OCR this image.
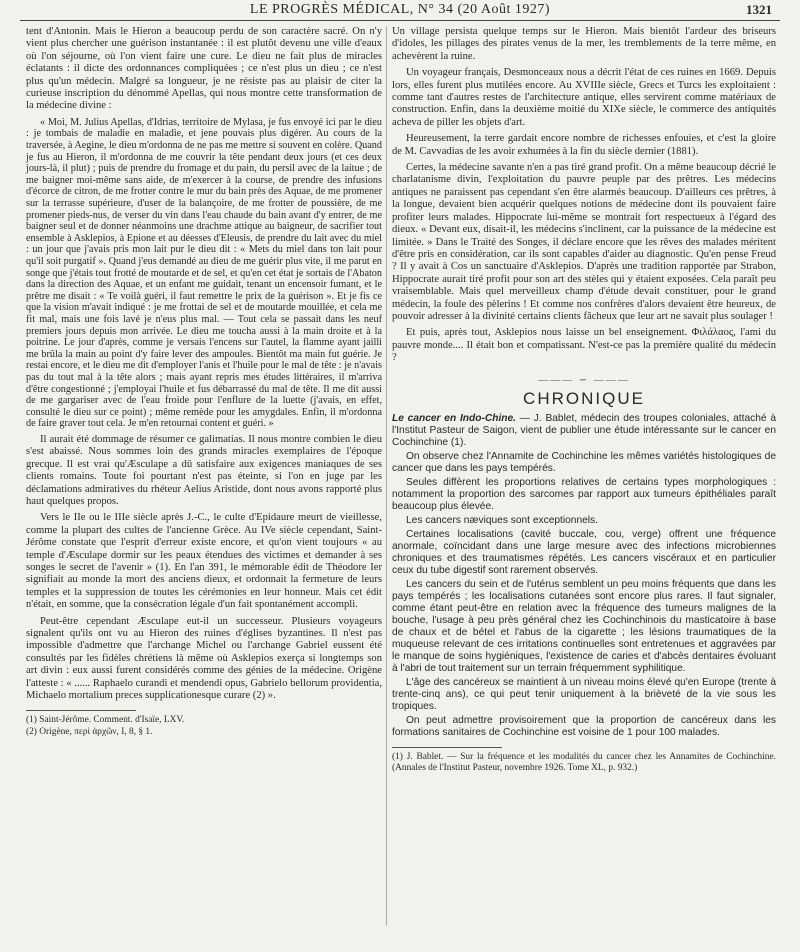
LE PROGRÈS MÉDICAL, N° 34 (20 Août 1927)	1321

tent d'Antonin. Mais le Hieron a beaucoup perdu de son caractère sacré. On n'y vient plus chercher une guérison instantanée : il est plutôt devenu une ville d'eaux où l'on séjourne, où l'on vient faire une cure. Le dieu ne fait plus de miracles éclatants : il dicte des ordonnances compliquées ; ce n'est plus un dieu ; ce n'est plus qu'un médecin. Malgré sa longueur, je ne résiste pas au plaisir de citer la curieuse inscription du dénommé Apellas, qui nous montre cette transformation de la médecine divine :

« Moi, M. Julius Apellas, d'Idrias, territoire de Mylasa, je fus envoyé ici par le dieu : je tombais de maladie en maladie, et jene pouvais plus digérer. Au cours de la traversée, à Aegine, le dieu m'ordonna de ne pas me mettre si souvent en colère. Quand je fus au Hieron, il m'ordonna de me couvrir la tête pendant deux jours (et ces deux jours-là, il plut) ; puis de prendre du fromage et du pain, du persil avec de la laitue ; de me baigner moi-même sans aide, de m'exercer à la course, de prendre des infusions d'écorce de citron, de me frotter contre le mur du bain près des Aquae, de me promener sur la terrasse supérieure, d'user de la balançoire, de me frotter de poussière, de me promener pieds-nus, de verser du vin dans l'eau chaude du bain avant d'y entrer, de me baigner seul et de donner néanmoins une drachme attique au baigneur, de sacrifier tout ensemble à Asklepios, à Epione et au déesses d'Eleusis, de prendre du lait avec du miel : un jour que j'avais pris mon lait pur le dieu dit : « Mets du miel dans ton lait pour qu'il soit purgatif ». Quand j'eus demandé au dieu de me guérir plus vite, il me parut en songe que j'étais tout frotté de moutarde et de sel, et qu'en cet état je sortais de l'Abaton dans la direction des Aquae, et un enfant me guidait, tenant un encensoir fumant, et le prêtre me disait : « Te voilà guéri, il faut remettre le prix de la guérison ». Et je fis ce que la vision m'avait indiqué : je me frottai de sel et de moutarde mouillée, et cela me fit mal, mais une fois lavé je n'eus plus mal. — Tout cela se passait dans les neuf premiers jours depuis mon arrivée. Le dieu me toucha aussi à la main droite et à la poitrine. Le jour d'après, comme je versais l'encens sur l'autel, la flamme ayant jailli me brûla la main au point d'y faire lever des ampoules. Bientôt ma main fut guérie. Je restai encore, et le dieu me dit d'employer l'anis et l'huile pour le mal de tête : je n'avais pas du tout mal à la tête alors ; mais ayant repris mes études littéraires, il m'arriva d'être congestionné ; j'employai l'huile et fus débarrassé du mal de tête. Il me dit aussi de me gargariser avec de l'eau froide pour l'enflure de la luette (j'avais, en effet, consulté le dieu sur ce point) ; même remède pour les amygdales. Enfin, il m'ordonna de faire graver tout cela. Je m'en retournai content et guéri. »

Il aurait été dommage de résumer ce galimatias. Il nous montre combien le dieu s'est abaissé. Nous sommes loin des grands miracles exemplaires de l'époque grecque. Il est vrai qu'Æsculape a dû satisfaire aux exigences maniaques de ses clients romains. Toute foi pourtant n'est pas éteinte, si l'on en juge par les déclamations admiratives du rhéteur Aelius Aristide, dont nous avons rapporté plus haut quelques propos.

Vers le IIe ou le IIIe siècle après J.-C., le culte d'Epidaure meurt de vieillesse, comme la plupart des cultes de l'ancienne Grèce. Au IVe siècle cependant, Saint-Jérôme constate que l'esprit d'erreur existe encore, et qu'on vient toujours « au temple d'Æsculape dormir sur les peaux étendues des victimes et demander à ses songes le secret de l'avenir » (1). En l'an 391, le mémorable édit de Théodore Ier signifiait au monde la mort des anciens dieux, et ordonnait la fermeture de leurs temples et la suppression de toutes les cérémonies en leur honneur. Mais cet édit n'était, en somme, que la consécration légale d'un fait spontanément accompli.

Peut-être cependant Æsculape eut-il un successeur. Plusieurs voyageurs signalent qu'ils ont vu au Hieron des ruines d'églises byzantines. Il n'est pas impossible d'admettre que l'archange Michel ou l'archange Gabriel eussent été consultés par les fidèles chrétiens là même où Asklepios exerça si longtemps son art divin : eux aussi furent considérés comme des génies de la médecine. Origène l'atteste : « ...... Raphaelo curandi et mendendi opus, Gabrielo bellorum providentia, Michaelo mortalium preces supplicationesque curare (2) ».

(1) Saint-Jérôme. Comment. d'Isaïe, LXV.

(2) Origène, περὶ ἀρχῶν, I, 8, § 1.

Un village persista quelque temps sur le Hieron. Mais bientôt l'ardeur des briseurs d'idoles, les pillages des pirates venus de la mer, les tremblements de la terre même, en achevèrent la ruine.

Un voyageur français, Desmonceaux nous a décrit l'état de ces ruines en 1669. Depuis lors, elles furent plus mutilées encore. Au XVIIIe siècle, Grecs et Turcs les exploitaient : comme tant d'autres restes de l'architecture antique, elles servirent comme matériaux de construction. Enfin, dans la deuxième moitié du XIXe siècle, le commerce des antiquités acheva de piller les objets d'art.

Heureusement, la terre gardait encore nombre de richesses enfouies, et c'est la gloire de M. Cavvadias de les avoir exhumées à la fin du siècle dernier (1881).

Certes, la médecine savante n'en a pas tiré grand profit. On a même beaucoup décrié le charlatanisme divin, l'exploitation du pauvre peuple par des prêtres. Les médecins antiques ne paraissent pas cependant s'en être alarmés beaucoup. D'ailleurs ces prêtres, à la longue, devaient bien acquérir quelques notions de médecine dont ils pouvaient faire profiter leurs malades. Hippocrate lui-même se montrait fort respectueux à l'égard des dieux. « Devant eux, disait-il, les médecins s'inclinent, car la puissance de la médecine est limitée. » Dans le Traité des Songes, il déclare encore que les rêves des malades méritent d'être pris en considération, car ils sont capables d'aider au diagnostic. Qu'en pense Freud ? Il y avait à Cos un sanctuaire d'Asklepios. D'après une tradition rapportée par Strabon, Hippocrate aurait tiré profit pour son art des stèles qui y étaient exposées. Cela paraît peu vraisemblable. Mais quel merveilleux champ d'étude devait constituer, pour le grand médecin, la foule des pèlerins ! Et comme nos confrères d'alors devaient être heureux, de pouvoir adresser à la divinité certains clients fâcheux que leur art ne savait plus soulager !

Et puis, après tout, Asklepios nous laisse un bel enseignement. Φιλάλαος, l'ami du pauvre monde.... Il était bon et compatissant. N'est-ce pas la première qualité du médecin ?

——— ∽ ———
CHRONIQUE

Le cancer en Indo-Chine. — J. Bablet, médecin des troupes coloniales, attaché à l'Institut Pasteur de Saigon, vient de publier une étude intéressante sur le cancer en Cochinchine (1).

On observe chez l'Annamite de Cochinchine les mêmes variétés histologiques de cancer que dans les pays tempérés.

Seules diffèrent les proportions relatives de certains types morphologiques : notamment la proportion des sarcomes par rapport aux tumeurs épithéliales paraît beaucoup plus élevée.

Les cancers næviques sont exceptionnels.

Certaines localisations (cavité buccale, cou, verge) offrent une fréquence anormale, coïncidant dans une large mesure avec des infections microbiennes chroniques et des traumatismes répétés. Les cancers viscéraux et en particulier ceux du tube digestif sont rarement observés.

Les cancers du sein et de l'utérus semblent un peu moins fréquents que dans les pays tempérés ; les localisations cutanées sont encore plus rares. Il faut signaler, comme étant peut-être en relation avec la fréquence des tumeurs malignes de la bouche, l'usage à peu près général chez les Cochinchinois du masticatoire à base de chaux et de bétel et l'abus de la cigarette ; les lésions traumatiques de la muqueuse relevant de ces irritations continuelles sont entretenues et aggravées par le manque de soins hygiéniques, l'existence de caries et d'abcès dentaires évoluant à l'abri de tout traitement sur un terrain fréquemment syphilitique.

L'âge des cancéreux se maintient à un niveau moins élevé qu'en Europe (trente à trente-cinq ans), ce qui peut tenir uniquement à la brièveté de la vie sous les tropiques.

On peut admettre provisoirement que la proportion de cancéreux dans les formations sanitaires de Cochinchine est voisine de 1 pour 100 malades.

(1) J. Bablet. — Sur la fréquence et les modalités du cancer chez les Annamites de Cochinchine. (Annales de l'Institut Pasteur, novembre 1926. Tome XL, p. 932.)
